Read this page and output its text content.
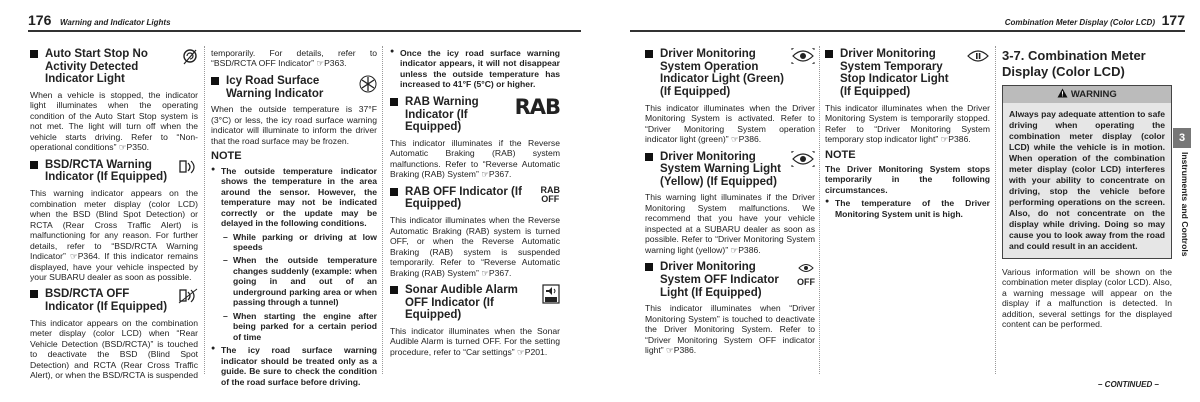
176 Warning and Indicator Lights
Auto Start Stop No Activity Detected Indicator Light

When a vehicle is stopped, the indicator light illuminates when the operating condition of the Auto Start Stop system is not met. The light will turn off when the vehicle starts driving. Refer to “Non-operational conditions” ☞P350.

BSD/RCTA Warning Indicator (If Equipped)

This warning indicator appears on the combination meter display (color LCD) when the BSD (Blind Spot Detection) or RCTA (Rear Cross Traffic Alert) is malfunctioning for any reason. For further details, refer to “BSD/RCTA Warning Indicator” ☞P364. If this indicator remains displayed, have your vehicle inspected by your SUBARU dealer as soon as possible.

BSD/RCTA OFF Indicator (If Equipped)

This indicator appears on the combination meter display (color LCD) when “Rear Vehicle Detection (BSD/RCTA)” is touched to deactivate the BSD (Blind Spot Detection) and RCTA (Rear Cross Traffic Alert), or when the BSD/RCTA is suspended

temporarily. For details, refer to “BSD/RCTA OFF Indicator” ☞P363.

Icy Road Surface Warning Indicator

When the outside temperature is 37°F (3°C) or less, the icy road surface warning indicator will illuminate to inform the driver that the road surface may be frozen.

NOTE
● The outside temperature indicator shows the temperature in the area around the sensor. However, the temperature may not be indicated correctly or the update may be delayed in the following conditions.
– While parking or driving at low speeds
– When the outside temperature changes suddenly (example: when going in and out of an underground parking area or when passing through a tunnel)
– When starting the engine after being parked for a certain period of time
● The icy road surface warning indicator should be treated only as a guide. Be sure to check the condition of the road surface before driving.
● Once the icy road surface warning indicator appears, it will not disappear unless the outside temperature has increased to 41°F (5°C) or higher.
RAB Warning Indicator (If Equipped)
RAB

This indicator illuminates if the Reverse Automatic Braking (RAB) system malfunctions. Refer to “Reverse Automatic Braking (RAB) System” ☞P367.

RAB OFF Indicator (If Equipped)
RAB
OFF

This indicator illuminates when the Reverse Automatic Braking (RAB) system is turned OFF, or when the Reverse Automatic Braking (RAB) system is suspended temporarily. Refer to “Reverse Automatic Braking (RAB) System” ☞P367.

Sonar Audible Alarm OFF Indicator (If Equipped)

This indicator illuminates when the Sonar Audible Alarm is turned OFF. For the setting procedure, refer to “Car settings” ☞P201.

Combination Meter Display (Color LCD) 177
Driver Monitoring System Operation Indicator Light (Green) (If Equipped)

This indicator illuminates when the Driver Monitoring System is activated. Refer to “Driver Monitoring System operation indicator light (green)” ☞P386.

Driver Monitoring System Warning Light (Yellow) (If Equipped)

This warning light illuminates if the Driver Monitoring System malfunctions. We recommend that you have your vehicle inspected at a SUBARU dealer as soon as possible. Refer to “Driver Monitoring System warning light (yellow)” ☞P386.

Driver Monitoring System OFF Indicator Light (If Equipped)
OFF

This indicator illuminates when “Driver Monitoring System” is touched to deactivate the Driver Monitoring System. Refer to “Driver Monitoring System OFF indicator light” ☞P386.

Driver Monitoring System Temporary Stop Indicator Light (If Equipped)

This indicator illuminates when the Driver Monitoring System is temporarily stopped. Refer to “Driver Monitoring System temporary stop indicator light” ☞P386.

NOTE

The Driver Monitoring System stops temporarily in the following circumstances.

● The temperature of the Driver Monitoring System unit is high.
3-7. Combination Meter Display (Color LCD)
WARNING
Always pay adequate attention to safe driving when operating the combination meter display (color LCD) while the vehicle is in motion. When operation of the combination meter display (color LCD) interferes with your ability to concentrate on driving, stop the vehicle before performing operations on the screen. Also, do not concentrate on the display while driving. Doing so may cause you to look away from the road and could result in an accident.

Various information will be shown on the combination meter display (color LCD). Also, a warning message will appear on the display if a malfunction is detected. In addition, several settings for the displayed content can be performed.

3
Instruments and Controls
– CONTINUED –
